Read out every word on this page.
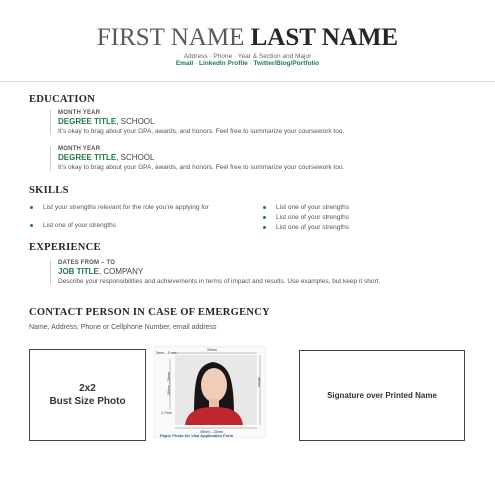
FIRST NAME LAST NAME
Address · Phone · Year & Section and Major
Email · LinkedIn Profile · Twitter/Blog/Portfolio
EDUCATION
MONTH YEAR
DEGREE TITLE, SCHOOL
It’s okay to brag about your GPA, awards, and honors. Feel free to summarize your coursework too.
MONTH YEAR
DEGREE TITLE, SCHOOL
It’s okay to brag about your GPA, awards, and honors. Feel free to summarize your coursework too.
SKILLS
List your strengths relevant for the role you’re applying for
List one of your strengths
List one of your strengths
List one of your strengths
List one of your strengths
EXPERIENCE
DATES FROM – TO
JOB TITLE, COMPANY
Describe your responsibilities and achievements in terms of impact and results. Use examples, but keep it short.
CONTACT PERSON IN CASE OF EMERGENCY
Name, Address, Phone or Cellphone Number, email address
2x2
Bust Size Photo
33mm
3mm – 5 mm
28mm – 33mm	48mm
1.7mm
35mm – 22mm
Paper Photo for Visa Application Form
Signature over Printed Name
